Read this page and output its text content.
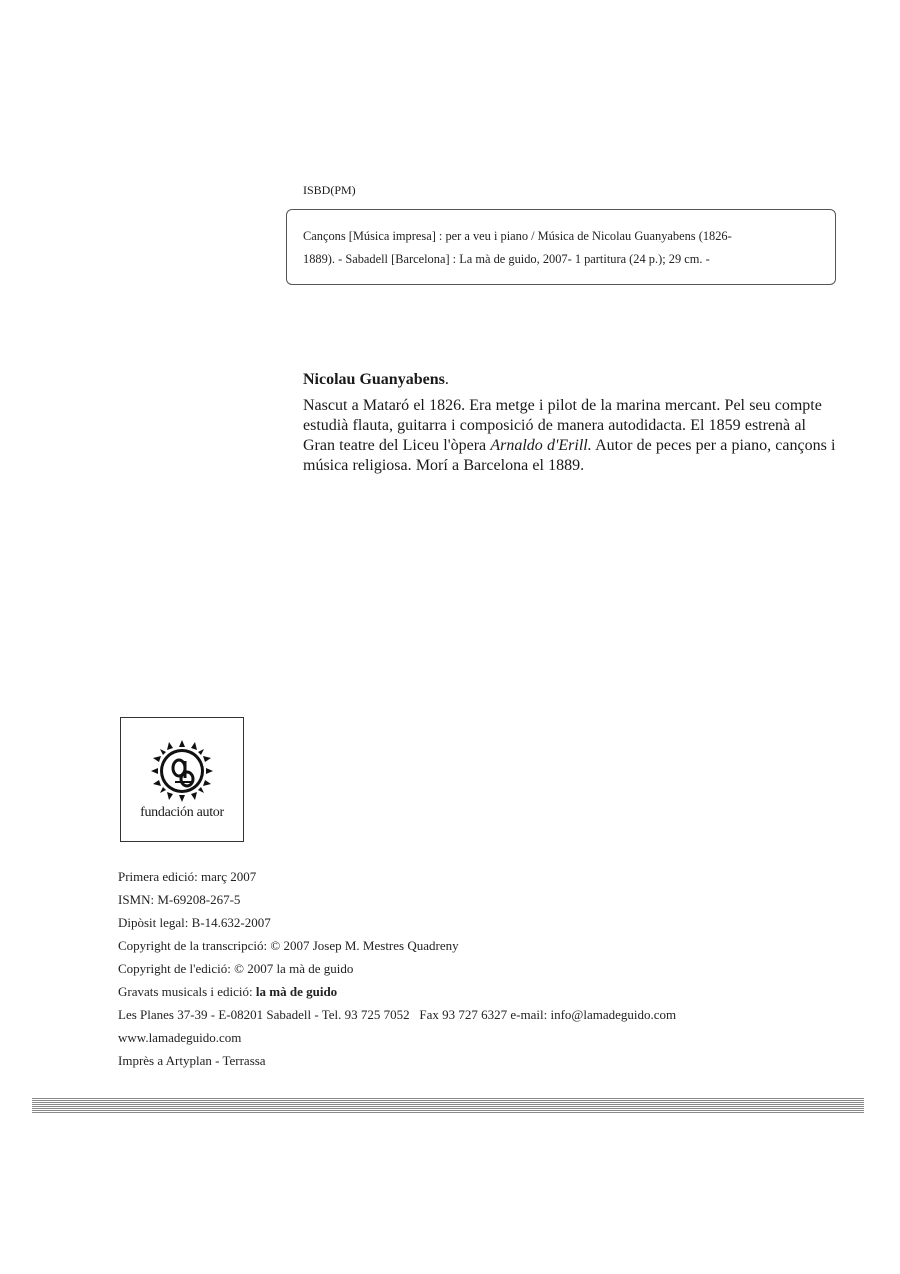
ISBD(PM)
Cançons [Música impresa] : per a veu i piano / Música de Nicolau Guanyabens (1826-
1889). - Sabadell [Barcelona] : La mà de guido, 2007- 1 partitura (24 p.); 29 cm. -
Nicolau Guanyabens.
Nascut a Mataró el 1826. Era metge i pilot de la marina mercant. Pel seu compte estudià flauta, guitarra i composició de manera autodidacta. El 1859 estrenà al Gran teatre del Liceu l'òpera Arnaldo d'Erill. Autor de peces per a piano, cançons i música religiosa. Morí a Barcelona el 1889.
fundación autor
Primera edició: març 2007
ISMN: M-69208-267-5
Dipòsit legal: B-14.632-2007
Copyright de la transcripció: © 2007 Josep M. Mestres Quadreny
Copyright de l'edició: © 2007 la mà de guido
Gravats musicals i edició: la mà de guido
Les Planes 37-39 - E-08201 Sabadell - Tel. 93 725 7052   Fax 93 727 6327 e-mail: info@lamadeguido.com
www.lamadeguido.com
Imprès a Artyplan - Terrassa
